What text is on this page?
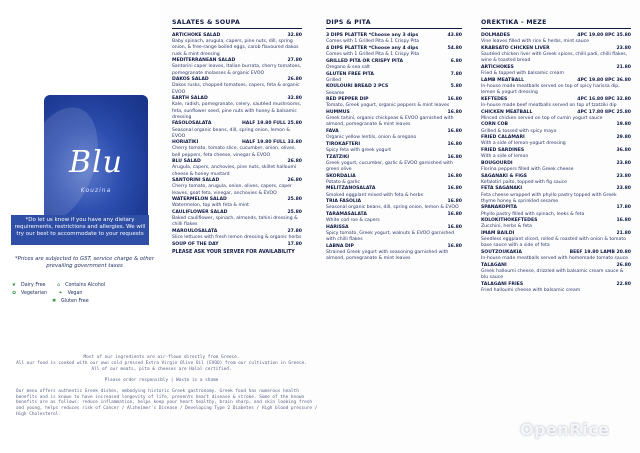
Blu
Kouzina
*Do let us know if you have any dietary requirements, restrictions and allergies. We will try our best to accommodate to your requests
*Prices are subjected to GST, service charge & other prevailing government taxes
❦ Dairy Free ⌂ Contains Alcohol ✿ Vegetarian ❧ Vegan
✱ Gluten Free
SALATES & SOUPA
ARTICHOKE SALAD	32.80
Baby spinach, arugula, capers, pine nuts, dill, spring onion, & free-range boiled eggs, carob flavoured dakos rusk & mint dressing
MEDITERRANEAN SALAD	27.80
Santorini caper leaves, Italian burrata, cherry tomatoes, pomegranate molasses & organic EVOO
DAKOS SALAD	26.80
Dakos rusks, chopped tomatoes, capers, feta & organic EVOO
EARTH SALAD	32.80
Kale, radish, pomegranate, celery, sautéed mushrooms, feta, sunflower seed, pine nuts with honey & balsamic dressing
FASOLOSALATA	HALF 19.80 FULL 25.80
Seasonal organic beans, dill, spring onion, lemon & EVOO
HORIATIKI	HALF 19.80 FULL 33.80
Cherry tomato, tomato slice, cucumber, onion, olives, bell peppers, feta cheese, vinegar & EVOO
BLU SALAD	26.80
Arugula, capers, anchovies, pine nuts, skillet halloumi cheese & honey mustard
SANTORINI SALAD	26.80
Cherry tomato, arugula, onion, olives, capers, caper leaves, goat feta, vinegar, anchovies & EVOO
WATERMELON SALAD	25.80
Watermelon, top with feta & mint
CAULIFLOWER SALAD	25.80
Baked cauliflower, spinach, almonds, tahini dressing & chilli flakes
MAROULOSALATA	27.80
Slice lettuces with fresh lemon dressing & organic herbs
SOUP OF THE DAY	17.80
PLEASE ASK YOUR SERVER FOR AVAILABILITY
DIPS & PITA
3 DIPS PLATTER *Choose any 3 dips	43.80
Comes with 1 Grilled Pita & 1 Crispy Pita
4 DIPS PLATTER *Choose any 4 dips	54.80
Comes with 1 Grilled Pita & 1 Crispy Pita
GRILLED PITA OR CRISPY PITA	6.80
Oregano & sea salt
GLUTEN FREE PITA	7.80
Grilled
KOULOURI BREAD 2 PCS	5.80
Sesame
RED PEPPER DIP	16.80
Tomato, Greek yogurt, organic peppers & mint leaves
HUMMUS	16.80
Greek tahini, organic chickpeas & EVOO garnished with almond, pomegranate & mint leaves
FAVA	16.80
Organic yellow lentils, onion & oregano
TIROKAFTERI	16.80
Spicy feta with greek yogurt
TZATZIKI	16.80
Greek yogurt, cucumber, garlic & EVOO garnished with green olive
SKORDALIA	16.80
Potato & garlic
MELITZANOSALATA	16.80
Smoked eggplant mixed with feta & herbs
TRIA FASOLIA	16.80
Seasonal organic beans, dill, spring onion, lemon & EVOO
TARAMASALATA	16.80
White cod roe & capers
HARISSA	16.80
Spicy tomato, Greek yogurt, walnuts & EVOO garnished with chilli flakes
LABNA DIP	16.80
Strained Greek yogurt with seasoning garnished with almond, pomegranate & mint leaves
OREKTIKA - MEZE
DOLMADES	4PC 19.80 8PC 35.80
Vine leaves filled with rice & herbs, mint sauce
KRABSATO CHICKEN LIVER	23.80
Sautéed chicken liver with Greek spices, chilli padi, chilli flakes, wine & toasted bread
ARTICHOKES	21.80
Fried & topped with balsamic cream
LAMB MEATBALL	4PC 19.80 8PC 36.80
In-house made meatballs served on top of spicy harissa dip, lemon & yogurt dressing
KEFTEDES	4PC 16.80 8PC 32.80
In-house made beef meatballs served on top of tzatziki dip
CHICKEN MEATBALL	4PC 17.80 8PC 25.80
Minced chicken served on top of cumin yogurt sauce
CORN COB	19.80
Grilled & tossed with spicy mayo
FRIED CALAMARI	29.80
With a side of lemon-yogurt dressing
FRIED SARDINES	36.80
With a side of lemon
BOUGOURDI	23.80
Florina peppers filled with Greek cheese
SAGANAKI & FIGS	23.80
Kefalotiri paito, topped with fig sauce
FETA SAGANAKI	23.80
Feta cheese wrapped with phyllo pastry topped with Greek thyme honey & sprinkled sesame
SPANAKOPITA	17.80
Phyllo pastry filled with spinach, leeks & feta
KOLOKITHOKEFTEDES	16.80
Zucchini, herbs & feta
IMAM BAILDI	21.80
Seedless eggplant sliced, rolled & roasted with onion & tomato base sauce with a side of feta
SOUTZOUKAKIA	BEEF 19.80 LAMB 20.80
In-house made meatballs served with homemade tomato sauce
TALAGANI	26.80
Greek halloumi cheese, drizzled with balsamic cream sauce & blu sauce
TALAGANI FRIES	22.80
Fried halloumi cheese with balsamic cream

Most of our ingredients are air-flown directly from Greece.

All our food is cooked with our own cold pressed Extra Virgin Olive Oil (EVOO) from our cultivation in Greece.

All of our meats, pita & cheeses are Halal certified.

Please order responsibly | Waste is a shame

Our menu offers authentic Greek dishes, embodying historic Greek gastronomy. Greek food has numerous health benefits and is known to have increased longevity of life, prevents heart disease & stroke. Some of the known benefits are as follows: reduce inflammation, helps keep your heart healthy, brain sharp, and skin looking fresh and young, helps reduces risk of Cancer / Alzheimer's Disease / Developing Type 2 Diabetes / High blood pressure / High Cholesterol.

OpenRice
